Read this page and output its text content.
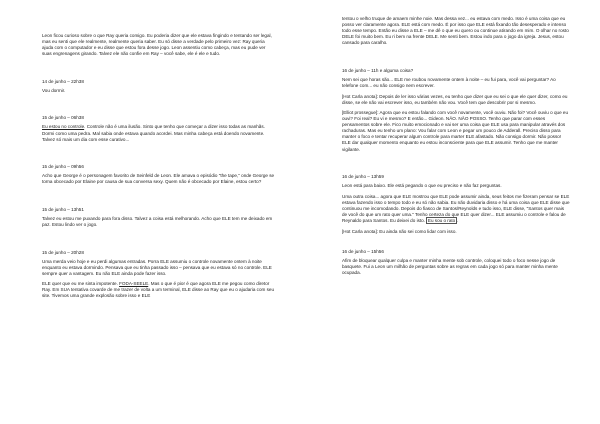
Leon ficou curioso sobre o que Ray queria comigo. Eu poderia dizer que ele estava fingindo e tentando ser legal, mas eu senti que ele realmente, realmente queria saber. Eu só disse a verdade pelo primeiro vez: Ray queria ajuda com o computador e eu disse que estou fora desse jogo. Leon assentiu como cabeça, mas eu pude ver suas engrenagens girando. Talvez ele não confie em Ray – você sabe, ele é ele e tudo.

14 de junho – 22h38

Vou dormir.

15 de junho – 06h38

Eu estou no controle. Controle não é uma ilusão. Sinto que tenho que começar a dizer isso todas as manhãs. Dormi como uma pedra. Mal sabia onde estava quando acordei. Mas minha cabeça está doendo novamente. Talvez só mais um dia com esse curativo...

15 de junho – 09h56

Acho que George é o personagem favorito de Seinfeld de Leon. Ele amava o episódio "the tape," onde George se torna obcecado por Elaine por causa de sua conversa sexy. Quem não é obcecado por Elaine, estou certo?

15 de junho – 13h51

Talvez eu estou me puxando para fora disso. Talvez a coisa está melhorando. Acho que ELE tem me deixado em paz. Estou lindo ver o jogo.

15 de junho – 20h28

Uma merda veio hoje e eu perdi algumas entradas. Porra ELE assumiu o controle novamente ontem à noite enquanto eu estava dormindo. Pensava que eu tinha passado isso – pensava que eu estava só no controle. ELE sempre quer a vantagem. Eu não ELE ainda pode fazer isso.

ELE quer que eu me sinta impotente. FODA-SEELE. Mas o que é pior é que agora ELE me pegou como diretor Ray. Em SUA tentativa covarde de me trazer de volta a um terminal, ELE disse ao Ray que eu o ajudaria com seu site. Tivemos uma grande explosão sobre isso e ELE

tentou o velho truque de amaem minhe noie. Mas dessa vez... eu estava com medo. Isso é uma coisa que eu posso ver claramente agora. ELE está com medo. É por isso que ELE está fixando tão desesperado e intenso todo esse tempo. Então eu disse a ELE – me dê o que eu quero ou continue atirando em mim. O olhar no rosto DELE foi muito bem. Eu ri bem na frente DELE. Me senti bem. Estou indo para o jogo da igreja. Jesus, estou cansado para caralho.

16 de junho – 11h e alguma coisa?

Nem sei que horas são... ELE me roubou novamente ontem à noite – eu fui para, você vai perguntar? Ao telefone com... eu não consigo nem escrever.

[Hot Carla anota]: Depois de ler isso várias vezes, eu tenho que dizer que eu sei o que ele quer dizer, como eu disse, se ele não vai escrever isso, eu também não vou. Você tem que descobrir por si mesmo.

[Elliot prossegue]: Agora que eu estou falando com você novamente, você ouviu. Não foi? Você ouviu o que eu ouvi? Foi real? Eu vi e mesmo? E então... Gideon. NÃO. NÃO POSSO. Tenho que parar com esses pensamentos sobre ele. Fico muito emocionado e vai ser uma coisa que ELE usa para manipular através dos rachaduras. Mas eu tenho um plano: Vou falar com Leon e pegar um pouco de Adderall. Preciso disso para manter o foco e tentar recuperar algum controle para marter ELE afastado. Não consigo dormir. Não posso! ELE dar qualquer momento enquanto eu estou inconsciente para que ELE assumir. Tenho que me manter vigilante.

16 de junho – 13h59

Leon está para baixo. Ele está pegando o que eu preciso e não faz perguntas.

Uma outra coisa... agora que ELE mostrou que ELE pode assumir ainda, seus feitos me fizeram pensar se ELE estava fazendo isso o tempo todo e eu só não sabia. Eu não duvidaria disso e há uma coisa que ELE disse que continuou me incomodando. Depois do fiasco de Santos/Reynolds e tudo isso, ELE disse, "Santos quer mais de você do que um rato quer uma." Tenho certeza do que ELE quer dizer... ELE assumiu o controle e falou de Reynaldo para Santos. Eu deixei do isto. Eu sou o rato .

[Hot Carla anota]: Eu ainda não sei como lidar com isso.

16 de junho – 15h56

Afim de bloquear qualquer culpa e manter minha mente sob controle, coloquei todo o foco nesse jogo de basquete. Fui a Leon um milhão de perguntas sobre as regras em cada jogo só para manter minha mente ocupada.
